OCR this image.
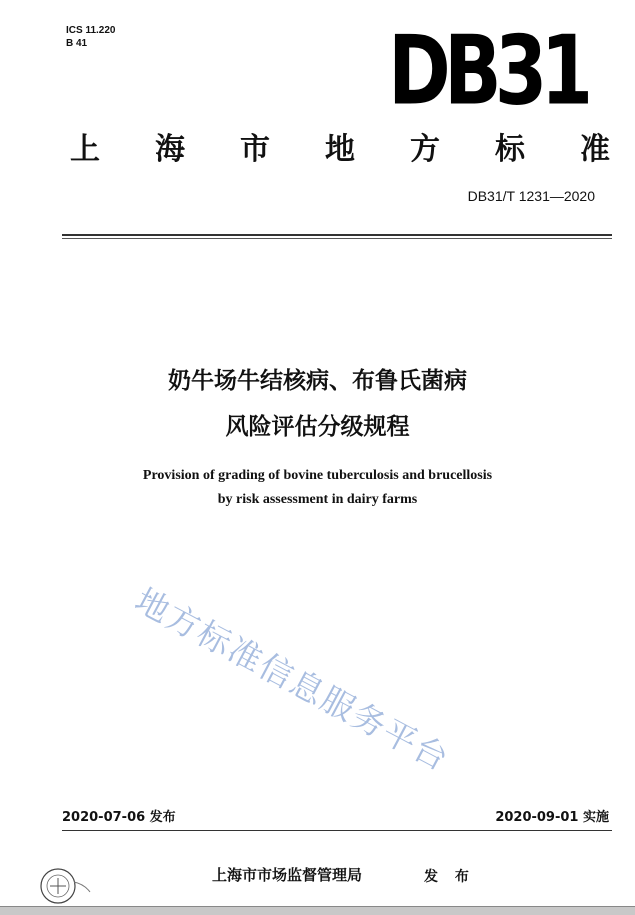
ICS 11.220
B 41	DB31
上 海 市 地 方 标 准
DB31/T 1231—2020
奶牛场牛结核病、布鲁氏菌病
风险评估分级规程
Provision of grading of bovine tuberculosis and brucellosis
by risk assessment in dairy farms
地方标准信息服务平台
2020-07-06 发布	2020-09-01 实施
上海市市场监督管理局	发 布
